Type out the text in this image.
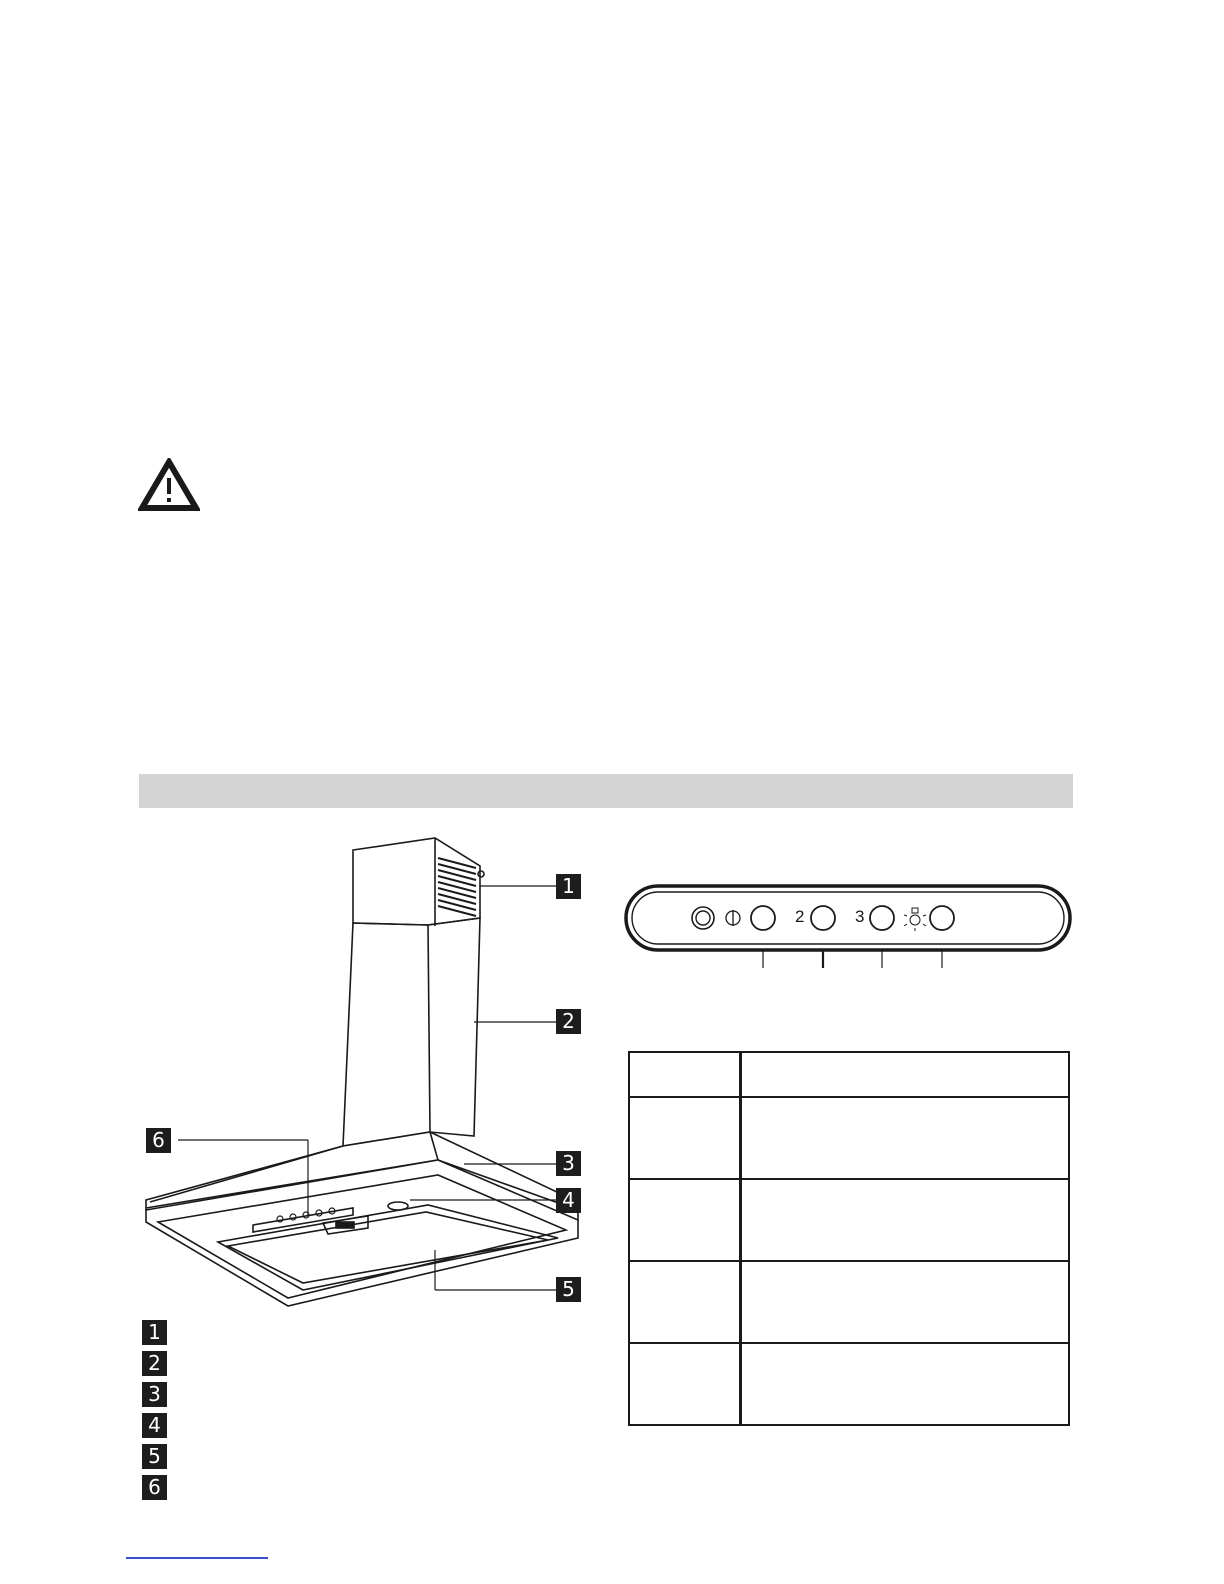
1
2
3
4
5
6
1
2
3
4
5
6
2	3
